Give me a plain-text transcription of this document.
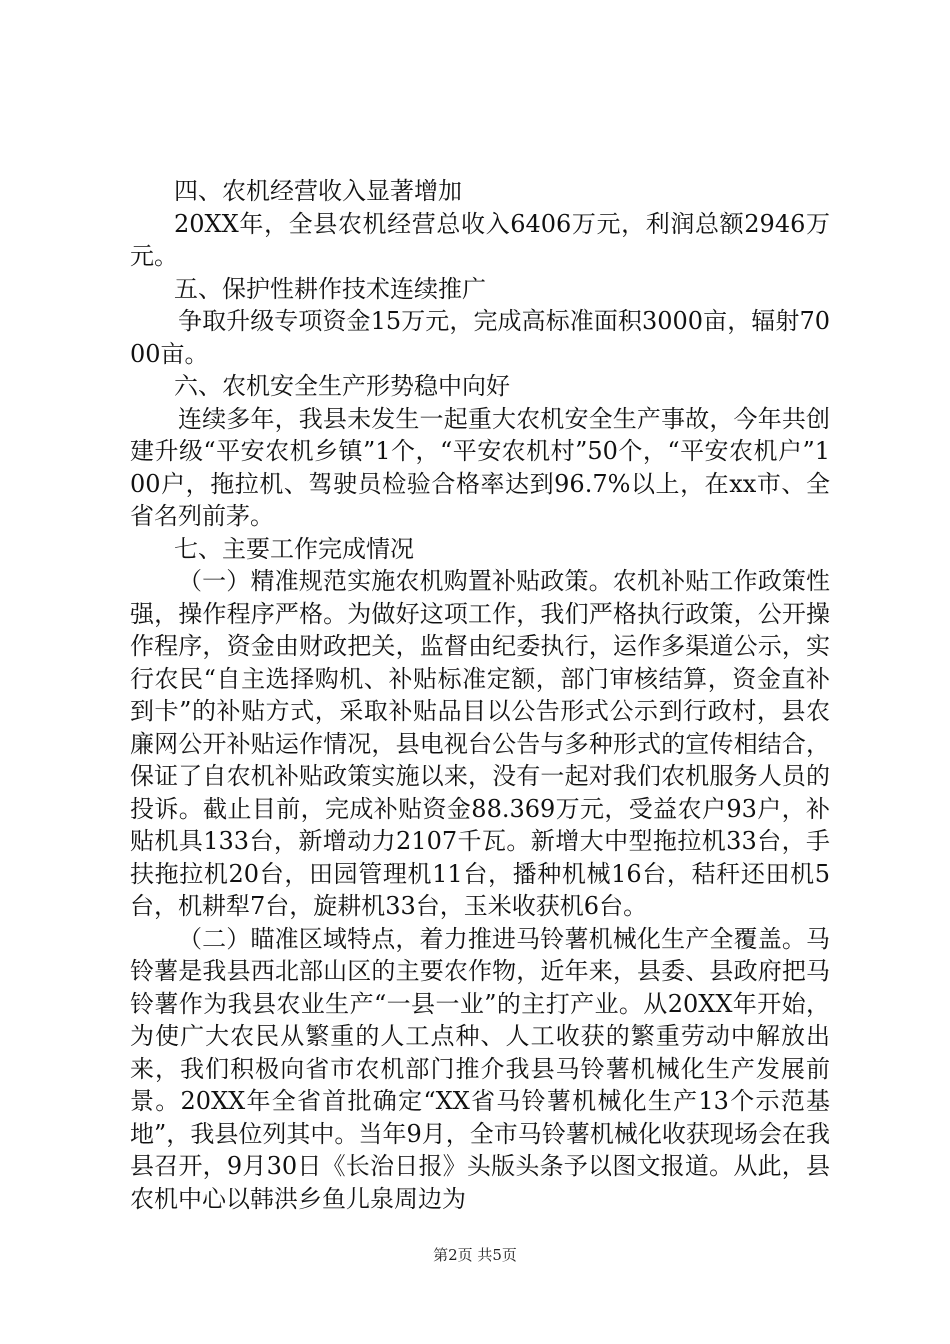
四、农机经营收入显著增加

20XX年，全县农机经营总收入6406万元，利润总额2946万元。

五、保护性耕作技术连续推广

争取升级专项资金15万元，完成高标准面积3000亩，辐射7000亩。

六、农机安全生产形势稳中向好

连续多年，我县未发生一起重大农机安全生产事故，今年共创建升级“平安农机乡镇”1个，“平安农机村”50个，“平安农机户”100户，拖拉机、驾驶员检验合格率达到96.7%以上，在xx市、全省名列前茅。

七、主要工作完成情况

（一）精准规范实施农机购置补贴政策。农机补贴工作政策性强，操作程序严格。为做好这项工作，我们严格执行政策，公开操作程序，资金由财政把关，监督由纪委执行，运作多渠道公示，实行农民“自主选择购机、补贴标准定额，部门审核结算，资金直补到卡”的补贴方式，采取补贴品目以公告形式公示到行政村，县农廉网公开补贴运作情况，县电视台公告与多种形式的宣传相结合，保证了自农机补贴政策实施以来，没有一起对我们农机服务人员的投诉。截止目前，完成补贴资金88.369万元，受益农户93户，补贴机具133台，新增动力2107千瓦。新增大中型拖拉机33台，手扶拖拉机20台，田园管理机11台，播种机械16台，秸秆还田机5台，机耕犁7台，旋耕机33台，玉米收获机6台。

（二）瞄准区域特点，着力推进马铃薯机械化生产全覆盖。马铃薯是我县西北部山区的主要农作物，近年来，县委、县政府把马铃薯作为我县农业生产“一县一业”的主打产业。从20XX年开始，为使广大农民从繁重的人工点种、人工收获的繁重劳动中解放出来，我们积极向省市农机部门推介我县马铃薯机械化生产发展前景。20XX年全省首批确定“XX省马铃薯机械化生产13个示范基地”，我县位列其中。当年9月，全市马铃薯机械化收获现场会在我县召开，9月30日《长治日报》头版头条予以图文报道。从此，县农机中心以韩洪乡鱼儿泉周边为

第2页 共5页
